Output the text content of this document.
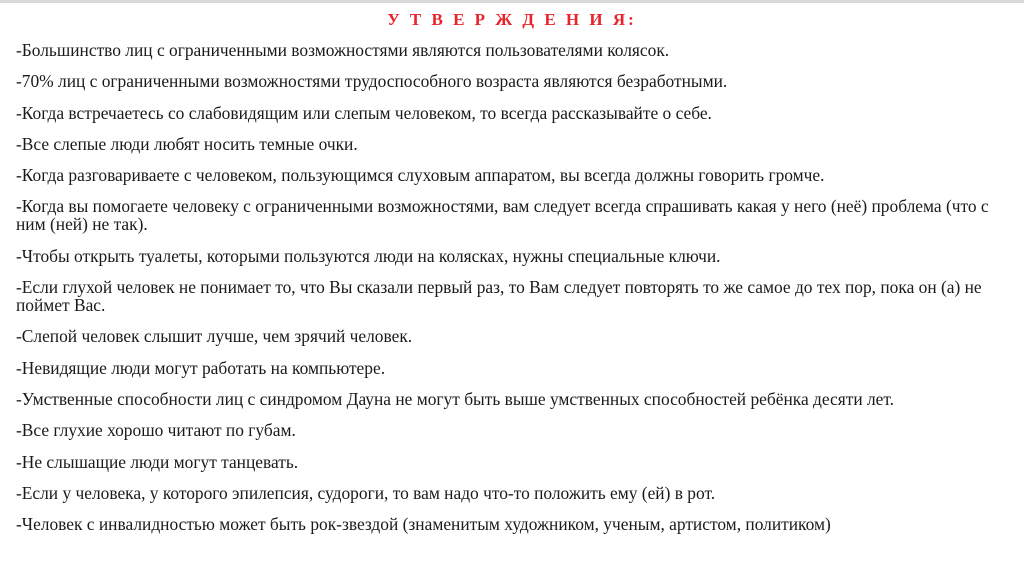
У Т В Е Р Ж Д Е Н И Я:
-Большинство лиц с ограниченными возможностями являются пользователями колясок.
-70% лиц с ограниченными возможностями трудоспособного возраста являются безработными.
-Когда встречаетесь со слабовидящим или слепым человеком, то всегда рассказывайте о себе.
-Все слепые люди любят носить темные очки.
-Когда разговариваете с человеком, пользующимся слуховым аппаратом, вы всегда должны говорить громче.
-Когда вы помогаете человеку с ограниченными возможностями, вам следует всегда спрашивать какая у него (неё) проблема (что с ним (ней) не так).
-Чтобы открыть туалеты, которыми пользуются люди на колясках, нужны специальные ключи.
-Если глухой человек не понимает то, что Вы сказали первый раз, то Вам следует повторять то же самое до тех пор, пока он (а) не поймет Вас.
-Слепой человек слышит лучше, чем зрячий человек.
-Невидящие люди могут работать на компьютере.
-Умственные способности лиц с синдромом Дауна не могут быть выше умственных способностей ребёнка десяти лет.
-Все глухие хорошо читают по губам.
-Не слышащие люди могут танцевать.
-Если у человека, у которого эпилепсия, судороги, то вам надо что-то положить ему (ей) в рот.
-Человек с инвалидностью может быть рок-звездой (знаменитым художником, ученым, артистом, политиком)
